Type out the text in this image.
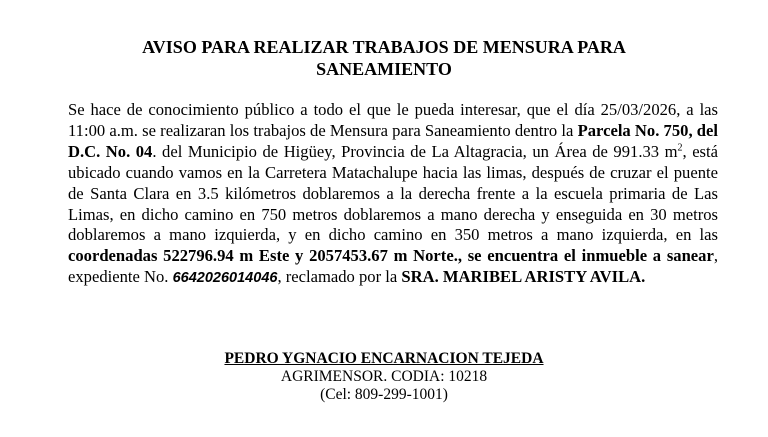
AVISO PARA REALIZAR TRABAJOS DE MENSURA PARA
SANEAMIENTO

Se hace de conocimiento público a todo el que le pueda interesar, que el día 25/03/2026, a las 11:00 a.m. se realizaran los trabajos de Mensura para Saneamiento dentro la Parcela No. 750, del D.C. No. 04. del Municipio de Higüey, Provincia de La Altagracia, un Área de 991.33 $m^2$, está ubicado cuando vamos en la Carretera Matachalupe hacia las limas, después de cruzar el puente de Santa Clara en 3.5 kilómetros doblaremos a la derecha frente a la escuela primaria de Las Limas, en dicho camino en 750 metros doblaremos a mano derecha y enseguida en 30 metros doblaremos a mano izquierda, y en dicho camino en 350 metros a mano izquierda, en las coordenadas 522796.94 m Este y 2057453.67 m Norte., se encuentra el inmueble a sanear, expediente No. 6642026014046, reclamado por la SRA. MARIBEL ARISTY AVILA.

PEDRO YGNACIO ENCARNACION TEJEDA
AGRIMENSOR. CODIA: 10218
(Cel: 809-299-1001)
